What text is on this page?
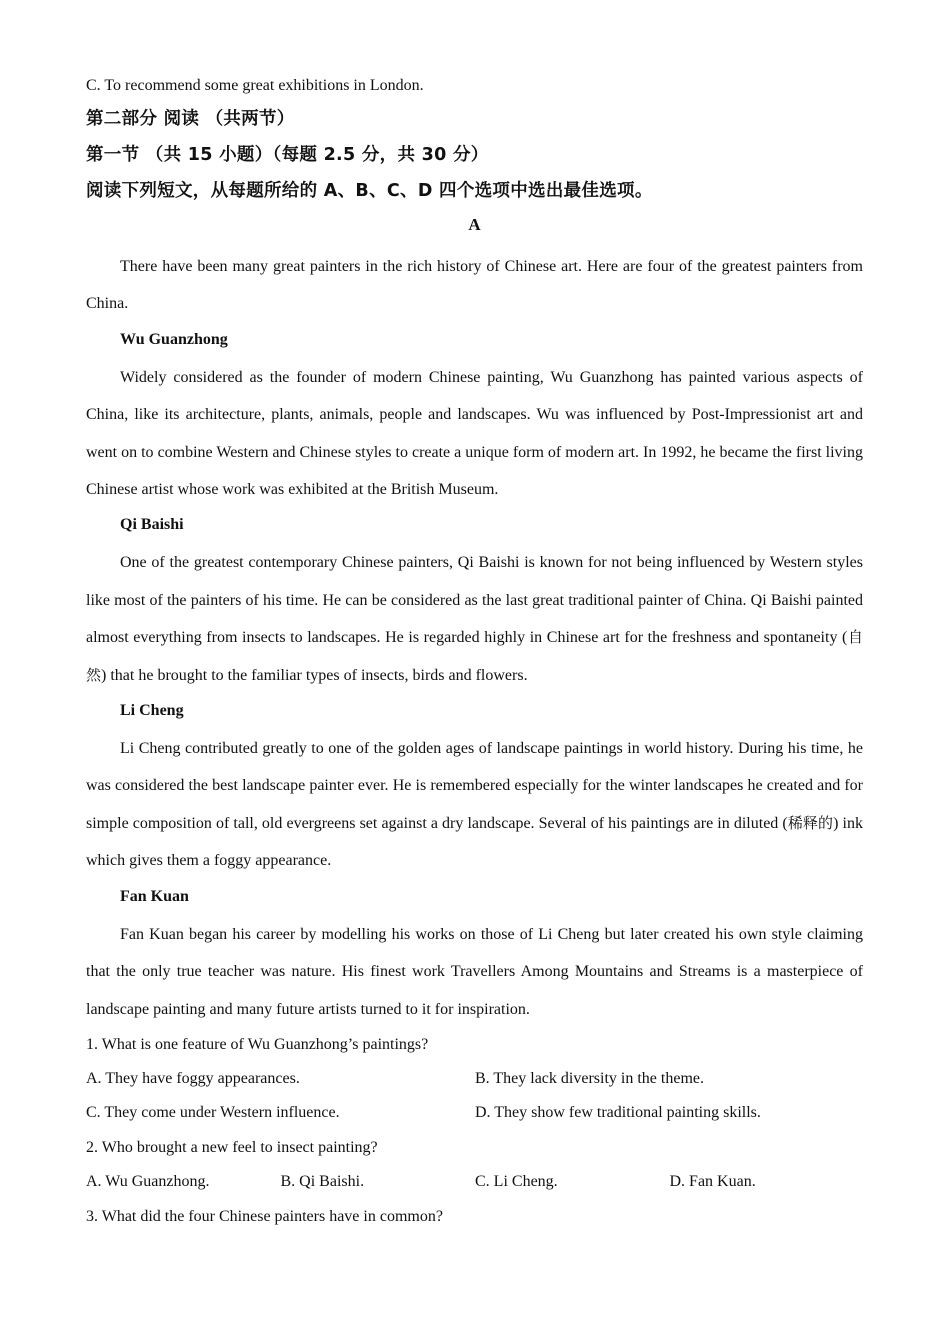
C. To recommend some great exhibitions in London.
第二部分 阅读 （共两节）
第一节 （共 15 小题）（每题 2.5 分，共 30 分）
阅读下列短文，从每题所给的 A、B、C、D 四个选项中选出最佳选项。
A

There have been many great painters in the rich history of Chinese art. Here are four of the greatest painters from China.

Wu Guanzhong

Widely considered as the founder of modern Chinese painting, Wu Guanzhong has painted various aspects of China, like its architecture, plants, animals, people and landscapes. Wu was influenced by Post-Impressionist art and went on to combine Western and Chinese styles to create a unique form of modern art. In 1992, he became the first living Chinese artist whose work was exhibited at the British Museum.

Qi Baishi

One of the greatest contemporary Chinese painters, Qi Baishi is known for not being influenced by Western styles like most of the painters of his time. He can be considered as the last great traditional painter of China. Qi Baishi painted almost everything from insects to landscapes. He is regarded highly in Chinese art for the freshness and spontaneity (自然) that he brought to the familiar types of insects, birds and flowers.

Li Cheng

Li Cheng contributed greatly to one of the golden ages of landscape paintings in world history. During his time, he was considered the best landscape painter ever. He is remembered especially for the winter landscapes he created and for simple composition of tall, old evergreens set against a dry landscape. Several of his paintings are in diluted (稀释的) ink which gives them a foggy appearance.

Fan Kuan

Fan Kuan began his career by modelling his works on those of Li Cheng but later created his own style claiming that the only true teacher was nature. His finest work Travellers Among Mountains and Streams is a masterpiece of landscape painting and many future artists turned to it for inspiration.

1. What is one feature of Wu Guanzhong’s paintings?
A. They have foggy appearances.	B. They lack diversity in the theme.
C. They come under Western influence.	D. They show few traditional painting skills.
2. Who brought a new feel to insect painting?
A. Wu Guanzhong.	B. Qi Baishi.	C. Li Cheng.	D. Fan Kuan.
3. What did the four Chinese painters have in common?
